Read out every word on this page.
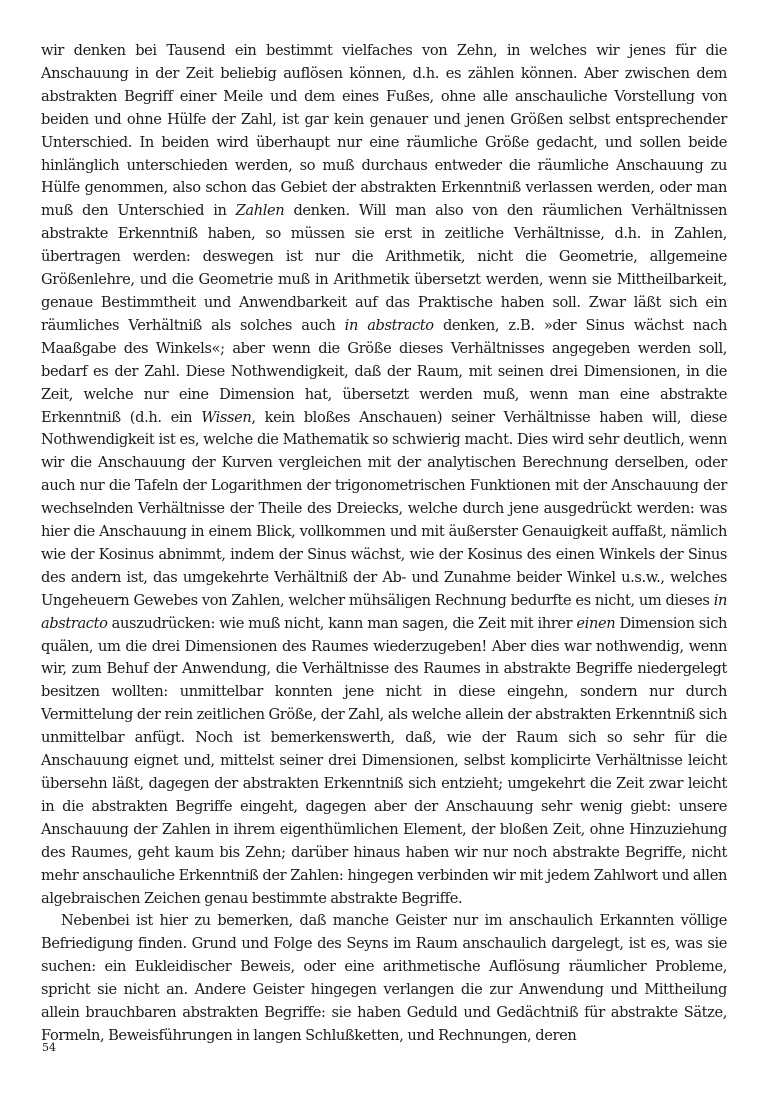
wir denken bei Tausend ein bestimmt vielfaches von Zehn, in welches wir jenes für die Anschauung in der Zeit beliebig auflösen können, d.h. es zählen können. Aber zwischen dem abstrakten Begriff einer Meile und dem eines Fußes, ohne alle anschauliche Vorstellung von beiden und ohne Hülfe der Zahl, ist gar kein genauer und jenen Größen selbst entsprechender Unterschied. In beiden wird überhaupt nur eine räumliche Größe gedacht, und sollen beide hinlänglich unterschieden werden, so muß durchaus entweder die räumliche Anschauung zu Hülfe genommen, also schon das Gebiet der abstrakten Erkenntniß verlassen werden, oder man muß den Unterschied in Zahlen denken. Will man also von den räumlichen Verhältnissen abstrakte Erkenntniß haben, so müssen sie erst in zeitliche Verhältnisse, d.h. in Zahlen, übertragen werden: deswegen ist nur die Arithmetik, nicht die Geometrie, allgemeine Größenlehre, und die Geometrie muß in Arithmetik übersetzt werden, wenn sie Mittheilbarkeit, genaue Bestimmtheit und Anwendbarkeit auf das Praktische haben soll. Zwar läßt sich ein räumliches Verhältniß als solches auch in abstracto denken, z.B. »der Sinus wächst nach Maaßgabe des Winkels«; aber wenn die Größe dieses Verhältnisses angegeben werden soll, bedarf es der Zahl. Diese Nothwendigkeit, daß der Raum, mit seinen drei Dimensionen, in die Zeit, welche nur eine Dimension hat, übersetzt werden muß, wenn man eine abstrakte Erkenntniß (d.h. ein Wissen, kein bloßes Anschauen) seiner Verhältnisse haben will, diese Nothwendigkeit ist es, welche die Mathematik so schwierig macht. Dies wird sehr deutlich, wenn wir die Anschauung der Kurven vergleichen mit der analytischen Berechnung derselben, oder auch nur die Tafeln der Logarithmen der trigonometrischen Funktionen mit der Anschauung der wechselnden Verhältnisse der Theile des Dreiecks, welche durch jene ausgedrückt werden: was hier die Anschauung in einem Blick, vollkommen und mit äußerster Genauigkeit auffaßt, nämlich wie der Kosinus abnimmt, indem der Sinus wächst, wie der Kosinus des einen Winkels der Sinus des andern ist, das umgekehrte Verhältniß der Ab- und Zunahme beider Winkel u.s.w., welches Ungeheuern Gewebes von Zahlen, welcher mühsäligen Rechnung bedurfte es nicht, um dieses in abstracto auszudrücken: wie muß nicht, kann man sagen, die Zeit mit ihrer einen Dimension sich quälen, um die drei Dimensionen des Raumes wiederzugeben! Aber dies war nothwendig, wenn wir, zum Behuf der Anwendung, die Verhältnisse des Raumes in abstrakte Begriffe niedergelegt besitzen wollten: unmittelbar konnten jene nicht in diese eingehn, sondern nur durch Vermittelung der rein zeitlichen Größe, der Zahl, als welche allein der abstrakten Erkenntniß sich unmittelbar anfügt. Noch ist bemerkenswerth, daß, wie der Raum sich so sehr für die Anschauung eignet und, mittelst seiner drei Dimensionen, selbst komplicirte Verhältnisse leicht übersehn läßt, dagegen der abstrakten Erkenntniß sich entzieht; umgekehrt die Zeit zwar leicht in die abstrakten Begriffe eingeht, dagegen aber der Anschauung sehr wenig giebt: unsere Anschauung der Zahlen in ihrem eigenthümlichen Element, der bloßen Zeit, ohne Hinzuziehung des Raumes, geht kaum bis Zehn; darüber hinaus haben wir nur noch abstrakte Begriffe, nicht mehr anschauliche Erkenntniß der Zahlen: hingegen verbinden wir mit jedem Zahlwort und allen algebraischen Zeichen genau bestimmte abstrakte Begriffe.

Nebenbei ist hier zu bemerken, daß manche Geister nur im anschaulich Erkannten völlige Befriedigung finden. Grund und Folge des Seyns im Raum anschaulich dargelegt, ist es, was sie suchen: ein Eukleidischer Beweis, oder eine arithmetische Auflösung räumlicher Probleme, spricht sie nicht an. Andere Geister hingegen verlangen die zur Anwendung und Mittheilung allein brauchbaren abstrakten Begriffe: sie haben Geduld und Gedächtniß für abstrakte Sätze, Formeln, Beweisführungen in langen Schlußketten, und Rechnungen, deren

54
